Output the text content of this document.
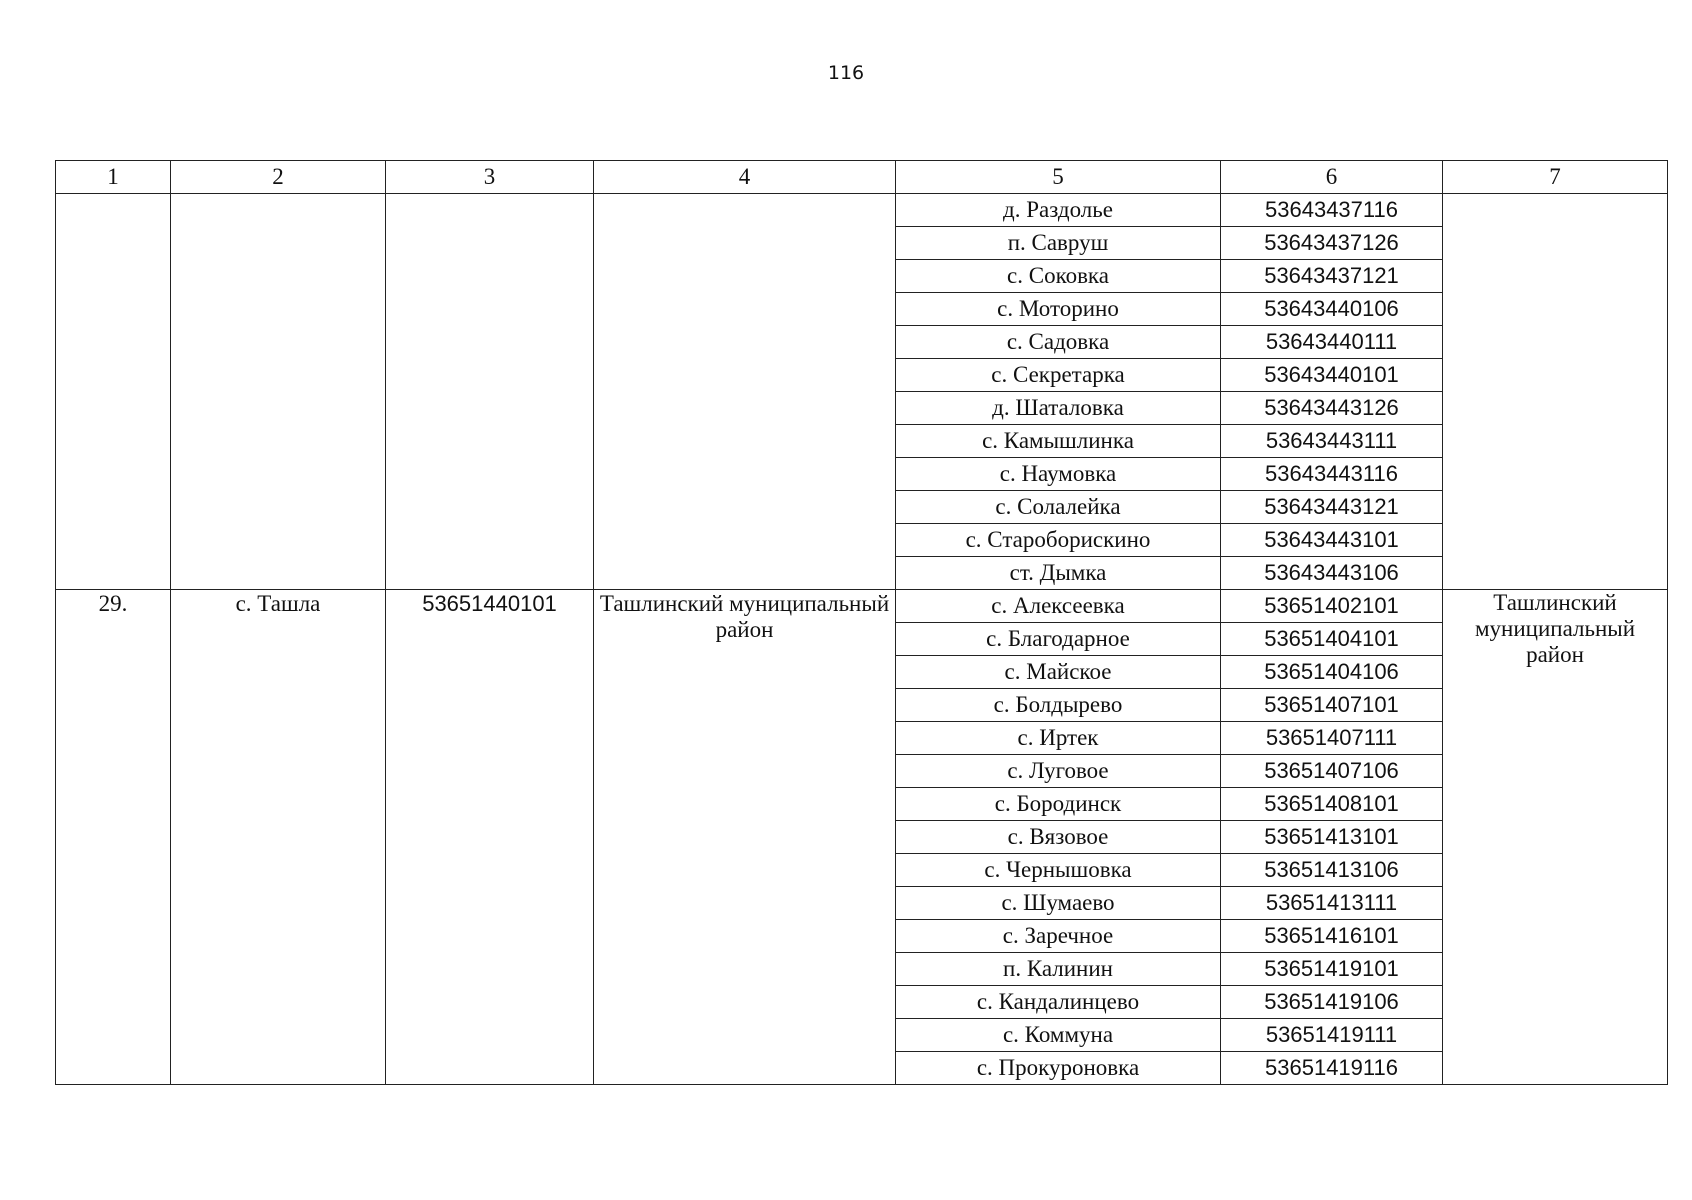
116
1	2	3	4	5	6	7
				д. Раздолье	53643437116	
				п. Савруш	53643437126	
				с. Соковка	53643437121	
				с. Моторино	53643440106	
				с. Садовка	53643440111	
				с. Секретарка	53643440101	
				д. Шаталовка	53643443126	
				с. Камышлинка	53643443111	
				с. Наумовка	53643443116	
				с. Солалейка	53643443121	
				с. Староборискино	53643443101	
				ст. Дымка	53643443106	
29.	с. Ташла	53651440101	Ташлинский муниципальный район	с. Алексеевка	53651402101	Ташлинский муниципальный район
				с. Благодарное	53651404101	
				с. Майское	53651404106	
				с. Болдырево	53651407101	
				с. Иртек	53651407111	
				с. Луговое	53651407106	
				с. Бородинск	53651408101	
				с. Вязовое	53651413101	
				с. Чернышовка	53651413106	
				с. Шумаево	53651413111	
				с. Заречное	53651416101	
				п. Калинин	53651419101	
				с. Кандалинцево	53651419106	
				с. Коммуна	53651419111	
				с. Прокуроновка	53651419116	
